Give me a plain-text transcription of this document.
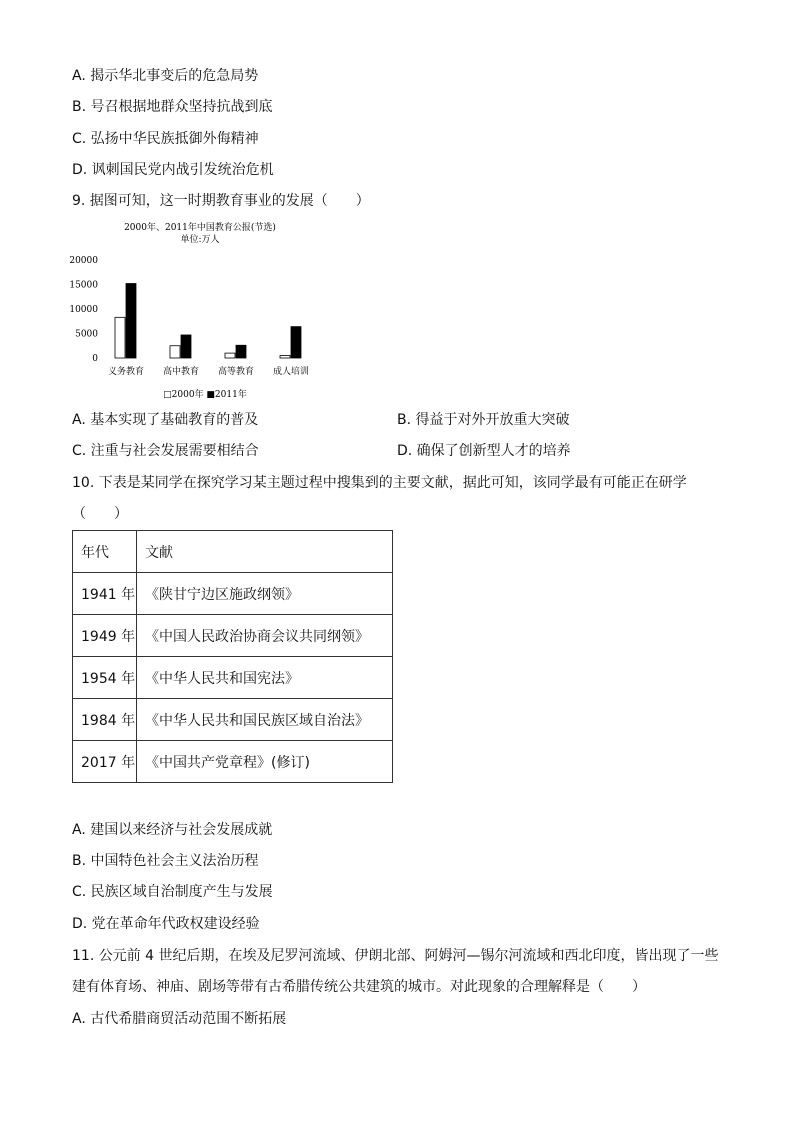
A. 揭示华北事变后的危急局势
B. 号召根据地群众坚持抗战到底
C. 弘扬中华民族抵御外侮精神
D. 讽刺国民党内战引发统治危机
9. 据图可知，这一时期教育事业的发展（　　）
2000年、2011年中国教育公报(节选)
单位:万人
20000
15000
10000
5000
0
义务教育 高中教育 高等教育 成人培训
□2000年 ■2011年
A. 基本实现了基础教育的普及	B. 得益于对外开放重大突破
C. 注重与社会发展需要相结合	D. 确保了创新型人才的培养
10. 下表是某同学在探究学习某主题过程中搜集到的主要文献，据此可知，该同学最有可能正在研学
（　　）
年代	文献
1941 年	《陕甘宁边区施政纲领》
1949 年	《中国人民政治协商会议共同纲领》
1954 年	《中华人民共和国宪法》
1984 年	《中华人民共和国民族区域自治法》
2017 年	《中国共产党章程》(修订)
A. 建国以来经济与社会发展成就
B. 中国特色社会主义法治历程
C. 民族区域自治制度产生与发展
D. 党在革命年代政权建设经验
11. 公元前 4 世纪后期，在埃及尼罗河流域、伊朗北部、阿姆河—锡尔河流域和西北印度，皆出现了一些
建有体育场、神庙、剧场等带有古希腊传统公共建筑的城市。对此现象的合理解释是（　　）
A. 古代希腊商贸活动范围不断拓展
